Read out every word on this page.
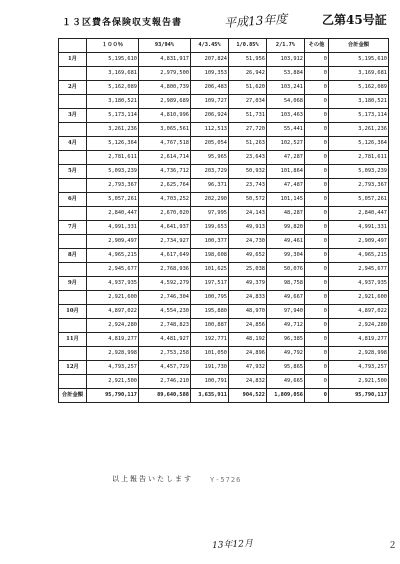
１３区費各保険収支報告書	平成13年度	乙第45号証
	１００％	93/94%	4/3.45%	1/0.85%	2/1.7%	その他	合計金額
1月	5,195,610	4,831,917	207,824	51,956	103,912	0	5,195,610
	3,169,681	2,979,500	109,353	26,942	53,884	0	3,169,681
2月	5,162,089	4,800,739	206,483	51,620	103,241	0	5,162,089
	3,180,521	2,989,689	109,727	27,034	54,068	0	3,180,521
3月	5,173,114	4,810,996	206,924	51,731	103,463	0	5,173,114
	3,261,236	3,065,561	112,513	27,720	55,441	0	3,261,236
4月	5,126,364	4,767,518	205,054	51,263	102,527	0	5,126,364
	2,781,611	2,614,714	95,965	23,643	47,287	0	2,781,611
5月	5,093,239	4,736,712	203,729	50,932	101,864	0	5,093,239
	2,793,367	2,625,764	96,371	23,743	47,487	0	2,793,367
6月	5,057,261	4,703,252	202,290	50,572	101,145	0	5,057,261
	2,840,447	2,670,020	97,995	24,143	48,287	0	2,840,447
7月	4,991,331	4,641,937	199,653	49,913	99,820	0	4,991,331
	2,909,497	2,734,927	100,377	24,730	49,461	0	2,909,497
8月	4,965,215	4,617,649	198,608	49,652	99,304	0	4,965,215
	2,945,677	2,768,936	101,625	25,038	50,076	0	2,945,677
9月	4,937,935	4,592,279	197,517	49,379	98,758	0	4,937,935
	2,921,600	2,746,304	100,795	24,833	49,667	0	2,921,600
10月	4,897,022	4,554,230	195,880	48,970	97,940	0	4,897,022
	2,924,280	2,748,823	100,887	24,856	49,712	0	2,924,280
11月	4,819,277	4,481,927	192,771	48,192	96,385	0	4,819,277
	2,928,998	2,753,258	101,050	24,896	49,792	0	2,928,998
12月	4,793,257	4,457,729	191,730	47,932	95,865	0	4,793,257
	2,921,500	2,746,210	100,791	24,832	49,665	0	2,921,500
合計金額	95,790,117	89,640,588	3,635,911	904,522	1,809,056	0	95,790,117
以上報告いたします Y-5726
13年12月	２
